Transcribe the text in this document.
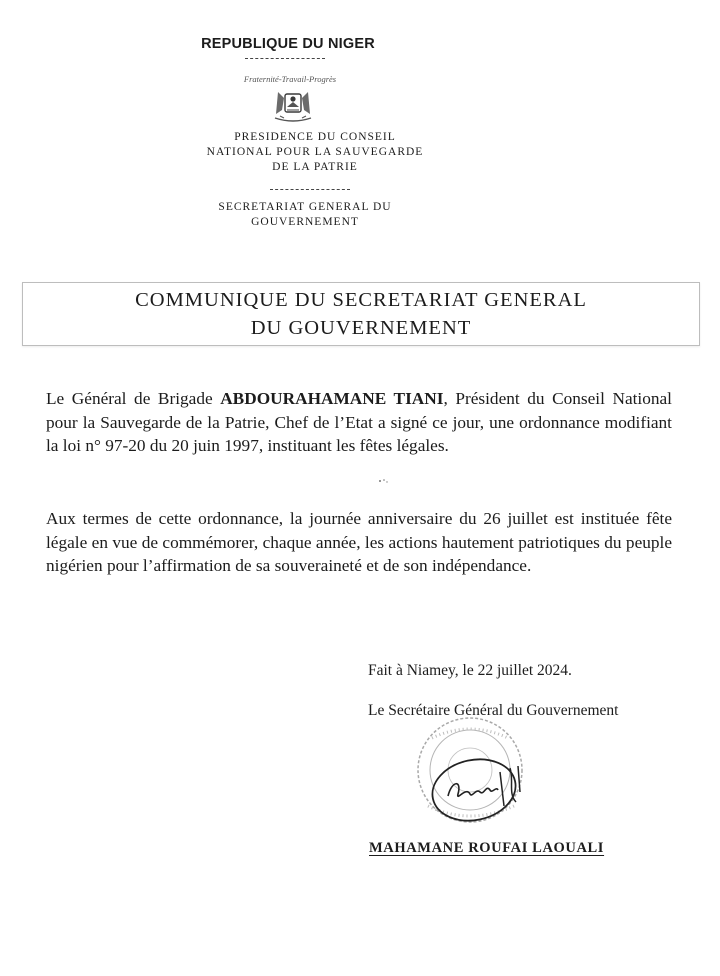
REPUBLIQUE DU NIGER
Fraternité-Travail-Progrès
PRESIDENCE DU CONSEIL
NATIONAL POUR LA SAUVEGARDE
DE LA PATRIE
SECRETARIAT GENERAL DU
GOUVERNEMENT
COMMUNIQUE DU SECRETARIAT GENERAL
DU GOUVERNEMENT
Le Général de Brigade ABDOURAHAMANE TIANI, Président du Conseil National pour la Sauvegarde de la Patrie, Chef de l’Etat a signé ce jour, une ordonnance modifiant la loi n° 97-20 du 20 juin 1997, instituant les fêtes légales.
Aux termes de cette ordonnance, la journée anniversaire du 26 juillet est instituée fête légale en vue de commémorer, chaque année, les actions hautement patriotiques du peuple nigérien pour l’affirmation de sa souveraineté et de son indépendance.
Fait à Niamey, le 22 juillet 2024.
Le Secrétaire Général du Gouvernement
MAHAMANE ROUFAI LAOUALI
